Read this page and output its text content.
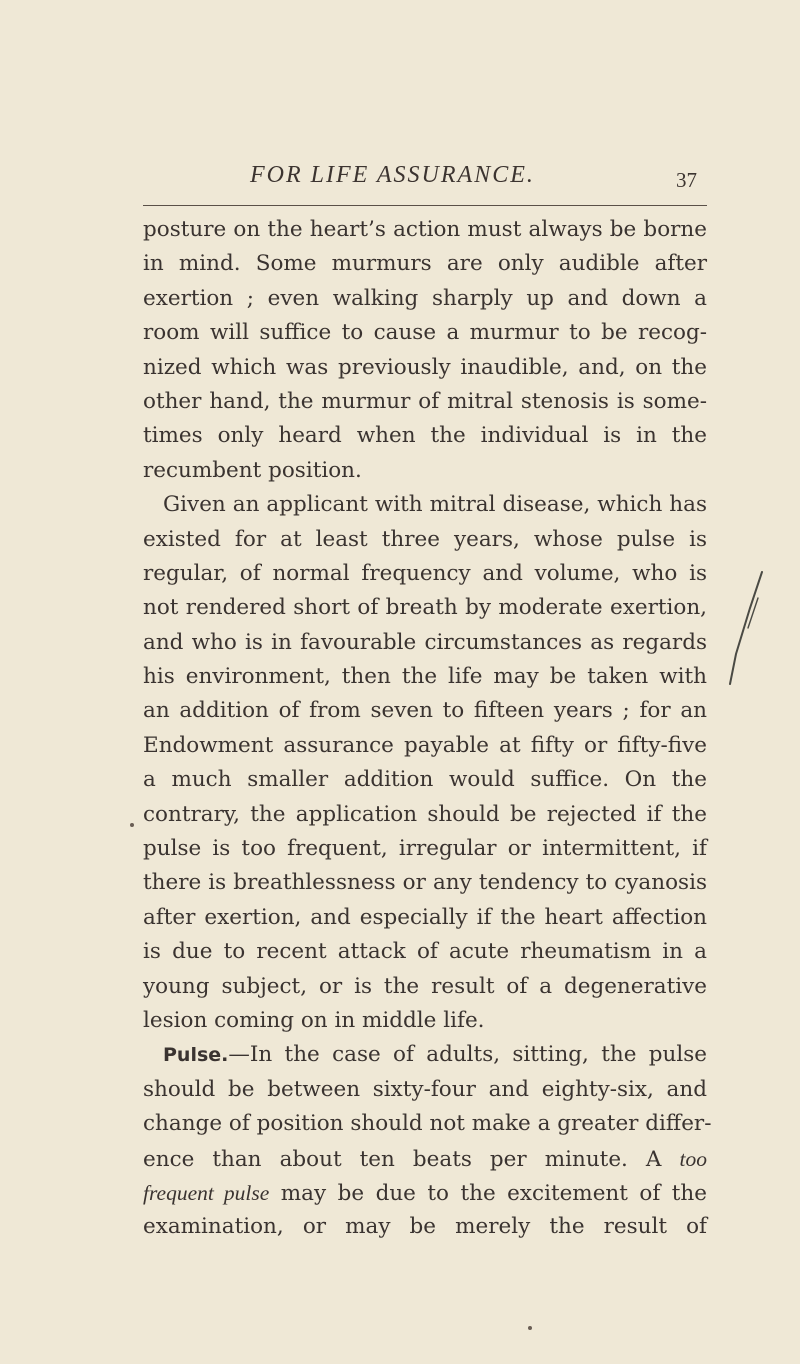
FOR LIFE ASSURANCE.	37
posture on the heart’s action must always be borne
in mind. Some murmurs are only audible after
exertion ; even walking sharply up and down a
room will suffice to cause a murmur to be recog-
nized which was previously inaudible, and, on the
other hand, the murmur of mitral stenosis is some-
times only heard when the individual is in the
recumbent position.
Given an applicant with mitral disease, which has
existed for at least three years, whose pulse is
regular, of normal frequency and volume, who is
not rendered short of breath by moderate exertion,
and who is in favourable circumstances as regards
his environment, then the life may be taken with
an addition of from seven to fifteen years ; for an
Endowment assurance payable at fifty or fifty-five
a much smaller addition would suffice. On the
contrary, the application should be rejected if the
pulse is too frequent, irregular or intermittent, if
there is breathlessness or any tendency to cyanosis
after exertion, and especially if the heart affection
is due to recent attack of acute rheumatism in a
young subject, or is the result of a degenerative
lesion coming on in middle life.
Pulse.—In the case of adults, sitting, the pulse
should be between sixty-four and eighty-six, and
change of position should not make a greater differ-
ence than about ten beats per minute. A too
frequent pulse may be due to the excitement of the
examination, or may be merely the result of
